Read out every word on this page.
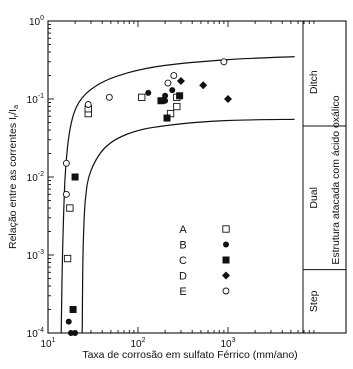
$10^1$	$10^2$	$10^3$
$10^0$
$10^{-1}$
$10^{-2}$
$10^{-3}$
$10^{-4}$
Ditch
Dual
Step
A
B
C
D
E
Taxa de corrosão em sulfato Férrico (mm/ano)
Relação entre as correntes Ir/Ia	Estrutura atacada com ácido oxálico
